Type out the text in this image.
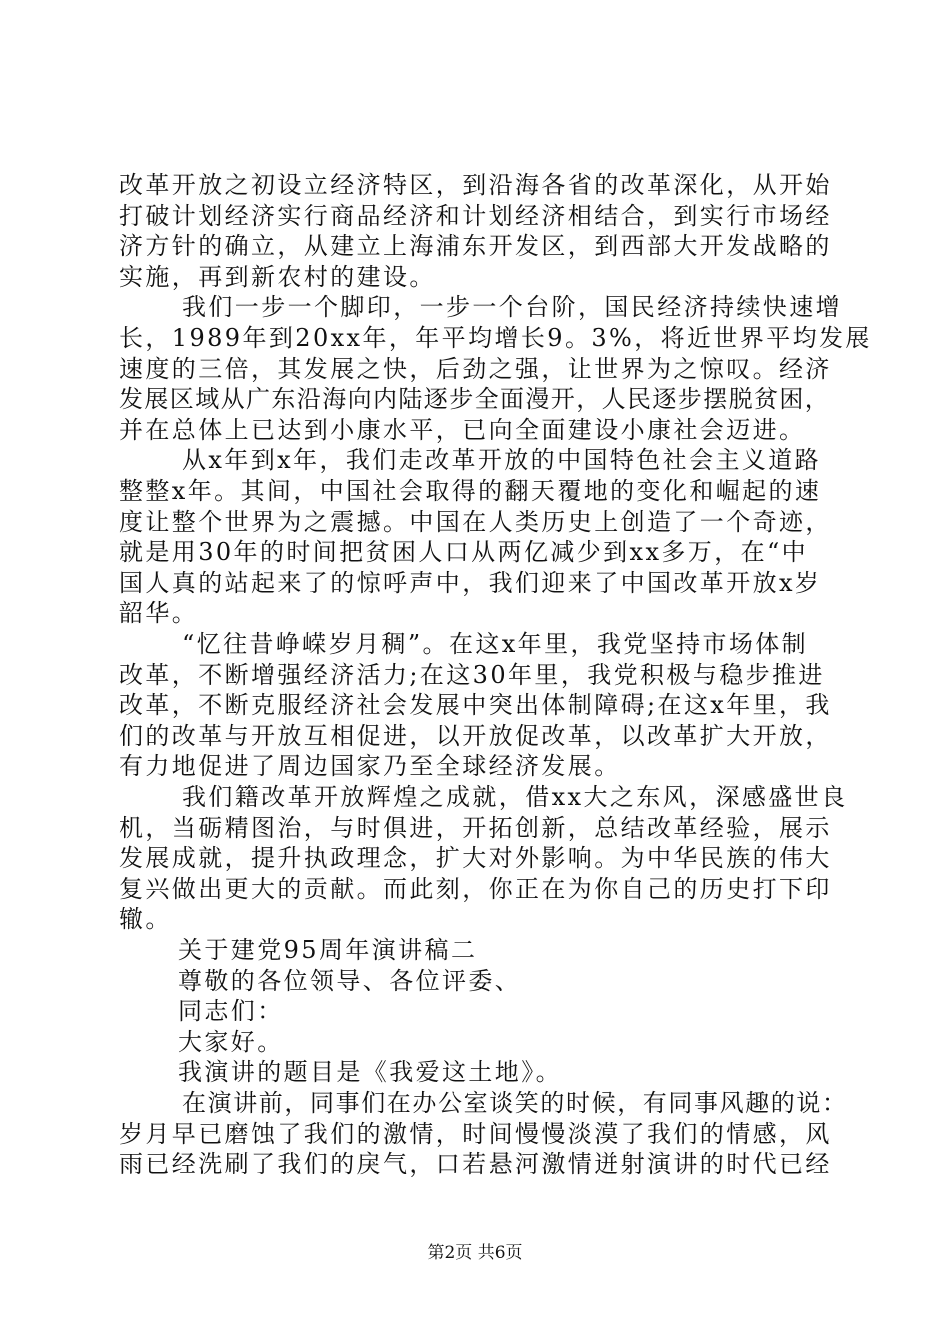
改革开放之初设立经济特区，到沿海各省的改革深化，从开始
打破计划经济实行商品经济和计划经济相结合，到实行市场经
济方针的确立，从建立上海浦东开发区，到西部大开发战略的
实施，再到新农村的建设。
我们一步一个脚印，一步一个台阶，国民经济持续快速增
长，1989年到20xx年，年平均增长9。3%，将近世界平均发展
速度的三倍，其发展之快，后劲之强，让世界为之惊叹。经济
发展区域从广东沿海向内陆逐步全面漫开，人民逐步摆脱贫困，
并在总体上已达到小康水平，已向全面建设小康社会迈进。
从x年到x年，我们走改革开放的中国特色社会主义道路
整整x年。其间，中国社会取得的翻天覆地的变化和崛起的速
度让整个世界为之震撼。中国在人类历史上创造了一个奇迹，
就是用30年的时间把贫困人口从两亿减少到xx多万，在“中
国人真的站起来了的惊呼声中，我们迎来了中国改革开放x岁
韶华。
“忆往昔峥嵘岁月稠”。在这x年里，我党坚持市场体制
改革，不断增强经济活力;在这30年里，我党积极与稳步推进
改革，不断克服经济社会发展中突出体制障碍;在这x年里，我
们的改革与开放互相促进，以开放促改革，以改革扩大开放，
有力地促进了周边国家乃至全球经济发展。
我们籍改革开放辉煌之成就，借xx大之东风，深感盛世良
机，当砺精图治，与时俱进，开拓创新，总结改革经验，展示
发展成就，提升执政理念，扩大对外影响。为中华民族的伟大
复兴做出更大的贡献。而此刻，你正在为你自己的历史打下印
辙。
关于建党95周年演讲稿二
尊敬的各位领导、各位评委、
同志们：
大家好。
我演讲的题目是《我爱这土地》。
在演讲前，同事们在办公室谈笑的时候，有同事风趣的说：
岁月早已磨蚀了我们的激情，时间慢慢淡漠了我们的情感，风
雨已经洗刷了我们的戾气，口若悬河激情迸射演讲的时代已经
第2页 共6页
